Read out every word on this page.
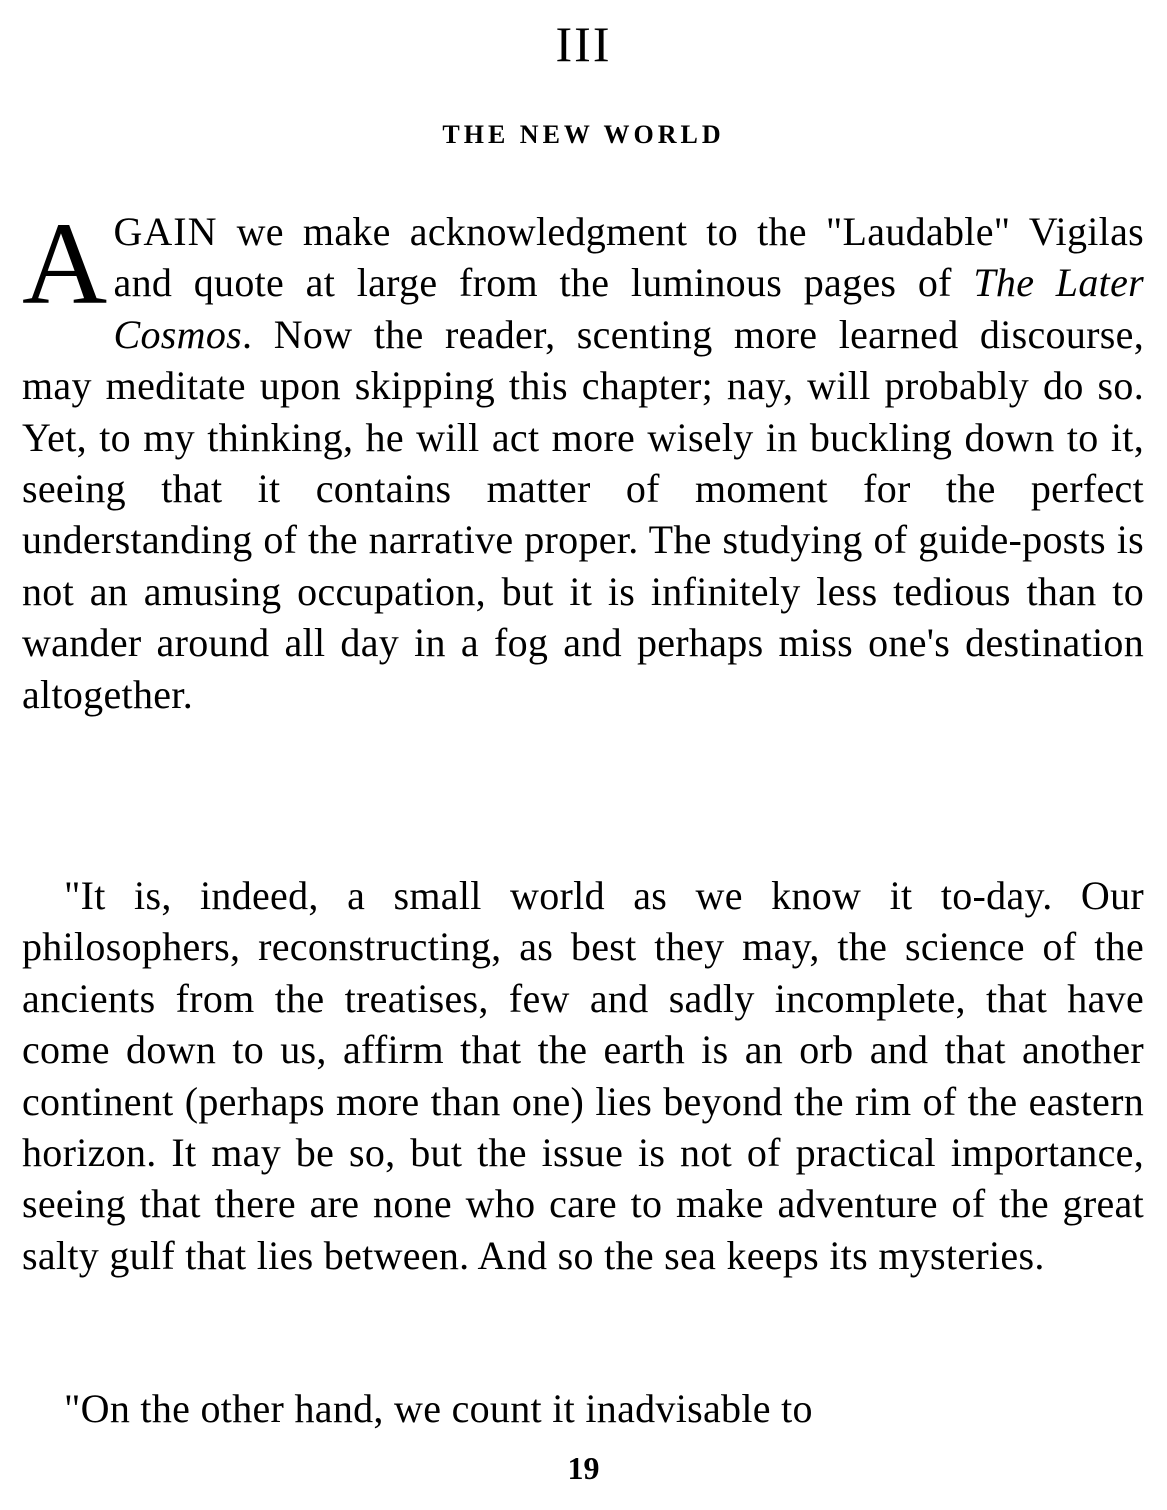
III
THE NEW WORLD

AGAIN we make acknowledgment to the "Laudable" Vigilas and quote at large from the luminous pages of The Later Cosmos. Now the reader, scenting more learned discourse, may meditate upon skipping this chapter; nay, will probably do so. Yet, to my thinking, he will act more wisely in buckling down to it, seeing that it contains matter of moment for the perfect understanding of the narrative proper. The studying of guide-posts is not an amusing occupation, but it is infinitely less tedious than to wander around all day in a fog and perhaps miss one's destination altogether.

"It is, indeed, a small world as we know it to-day. Our philosophers, reconstructing, as best they may, the science of the ancients from the treatises, few and sadly incomplete, that have come down to us, affirm that the earth is an orb and that another continent (perhaps more than one) lies beyond the rim of the eastern horizon. It may be so, but the issue is not of practical importance, seeing that there are none who care to make adventure of the great salty gulf that lies between. And so the sea keeps its mysteries.

"On the other hand, we count it inadvisable to

19
